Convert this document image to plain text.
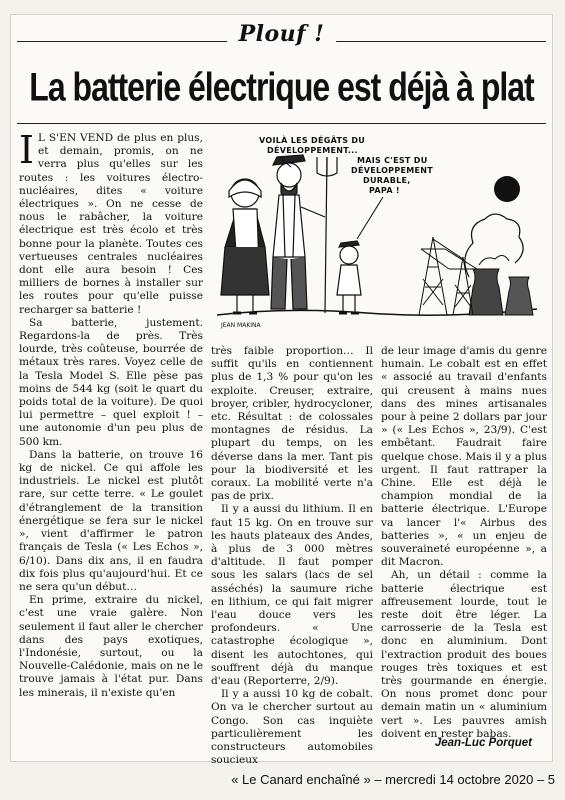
Plouf !
La batterie électrique est déjà à plat

I L S'EN VEND de plus en plus, et demain, promis, on ne verra plus qu'elles sur les routes : les voitures électro-nucléaires, dites « voiture électriques ». On ne cesse de nous le rabâcher, la voiture électrique est très écolo et très bonne pour la planète. Toutes ces vertueuses centrales nucléaires dont elle aura besoin ! Ces milliers de bornes à installer sur les routes pour qu'elle puisse recharger sa batterie !

Sa batterie, justement. Regardons-la de près. Très lourde, très coûteuse, bourrée de métaux très rares. Voyez celle de la Tesla Model S. Elle pèse pas moins de 544 kg (soit le quart du poids total de la voiture). De quoi lui permettre – quel exploit ! – une autonomie d'un peu plus de 500 km.

Dans la batterie, on trouve 16 kg de nickel. Ce qui affole les industriels. Le nickel est plutôt rare, sur cette terre. « Le goulet d'étranglement de la transition énergétique se fera sur le nickel », vient d'affirmer le patron français de Tesla (« Les Echos », 6/10). Dans dix ans, il en faudra dix fois plus qu'aujourd'hui. Et ce ne sera qu'un début…

En prime, extraire du nickel, c'est une vraie galère. Non seulement il faut aller le chercher dans des pays exotiques, l'Indonésie, surtout, ou la Nouvelle-Calédonie, mais on ne le trouve jamais à l'état pur. Dans les minerais, il n'existe qu'en

VOILÀ LES DÉGÂTS DU
DÉVELOPPEMENT...
MAIS C'EST DU
DÉVELOPPEMENT
DURABLE,
PAPA !
JEAN MAKINA

très faible proportion… Il suffit qu'ils en contiennent plus de 1,3 % pour qu'on les exploite. Creuser, extraire, broyer, cribler, hydrocycloner, etc. Résultat : de colossales montagnes de résidus. La plupart du temps, on les déverse dans la mer. Tant pis pour la biodiversité et les coraux. La mobilité verte n'a pas de prix.

Il y a aussi du lithium. Il en faut 15 kg. On en trouve sur les hauts plateaux des Andes, à plus de 3 000 mètres d'altitude. Il faut pomper sous les salars (lacs de sel asséchés) la saumure riche en lithium, ce qui fait migrer l'eau douce vers les profondeurs. « Une catastrophe écologique », disent les autochtones, qui souffrent déjà du manque d'eau (Reporterre, 2/9).

Il y a aussi 10 kg de cobalt. On va le chercher surtout au Congo. Son cas inquiète particulièrement les constructeurs automobiles soucieux

de leur image d'amis du genre humain. Le cobalt est en effet « associé au travail d'enfants qui creusent à mains nues dans des mines artisanales pour à peine 2 dollars par jour » (« Les Echos », 23/9). C'est embêtant. Faudrait faire quelque chose. Mais il y a plus urgent. Il faut rattraper la Chine. Elle est déjà le champion mondial de la batterie électrique. L'Europe va lancer l'« Airbus des batteries », « un enjeu de souveraineté européenne », a dit Macron.

Ah, un détail : comme la batterie électrique est affreusement lourde, tout le reste doit être léger. La carrosserie de la Tesla est donc en aluminium. Dont l'extraction produit des boues rouges très toxiques et est très gourmande en énergie. On nous promet donc pour demain matin un « aluminium vert ». Les pauvres amish doivent en rester babas.

Jean-Luc Porquet
« Le Canard enchaîné » – mercredi 14 octobre 2020 – 5
